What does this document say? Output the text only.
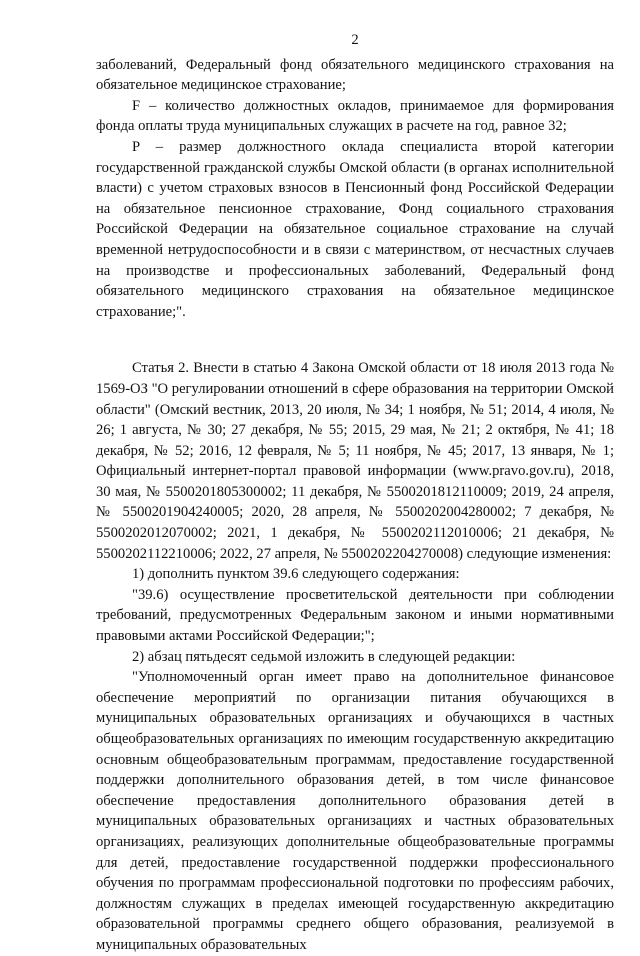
2

заболеваний, Федеральный фонд обязательного медицинского страхования на обязательное медицинское страхование;

F – количество должностных окладов, принимаемое для формирования фонда оплаты труда муниципальных служащих в расчете на год, равное 32;

P – размер должностного оклада специалиста второй категории государственной гражданской службы Омской области (в органах исполнительной власти) с учетом страховых взносов в Пенсионный фонд Российской Федерации на обязательное пенсионное страхование, Фонд социального страхования Российской Федерации на обязательное социальное страхование на случай временной нетрудоспособности и в связи с материнством, от несчастных случаев на производстве и профессиональных заболеваний, Федеральный фонд обязательного медицинского страхования на обязательное медицинское страхование;".

Статья 2. Внести в статью 4 Закона Омской области от 18 июля 2013 года № 1569-ОЗ "О регулировании отношений в сфере образования на территории Омской области" (Омский вестник, 2013, 20 июля, № 34; 1 ноября, № 51; 2014, 4 июля, № 26; 1 августа, № 30; 27 декабря, № 55; 2015, 29 мая, № 21; 2 октября, № 41; 18 декабря, № 52; 2016, 12 февраля, № 5; 11 ноября, № 45; 2017, 13 января, № 1; Официальный интернет-портал правовой информации (www.pravo.gov.ru), 2018, 30 мая, № 5500201805300002; 11 декабря, № 5500201812110009; 2019, 24 апреля, № 5500201904240005; 2020, 28 апреля, № 5500202004280002; 7 декабря, № 5500202012070002; 2021, 1 декабря, № 5500202112010006; 21 декабря, № 5500202112210006; 2022, 27 апреля, № 5500202204270008) следующие изменения:

1) дополнить пунктом 39.6 следующего содержания:

"39.6) осуществление просветительской деятельности при соблюдении требований, предусмотренных Федеральным законом и иными нормативными правовыми актами Российской Федерации;";

2) абзац пятьдесят седьмой изложить в следующей редакции:

"Уполномоченный орган имеет право на дополнительное финансовое обеспечение мероприятий по организации питания обучающихся в муниципальных образовательных организациях и обучающихся в частных общеобразовательных организациях по имеющим государственную аккредитацию основным общеобразовательным программам, предоставление государственной поддержки дополнительного образования детей, в том числе финансовое обеспечение предоставления дополнительного образования детей в муниципальных образовательных организациях и частных образовательных организациях, реализующих дополнительные общеобразовательные программы для детей, предоставление государственной поддержки профессионального обучения по программам профессиональной подготовки по профессиям рабочих, должностям служащих в пределах имеющей государственную аккредитацию образовательной программы среднего общего образования, реализуемой в муниципальных образовательных
